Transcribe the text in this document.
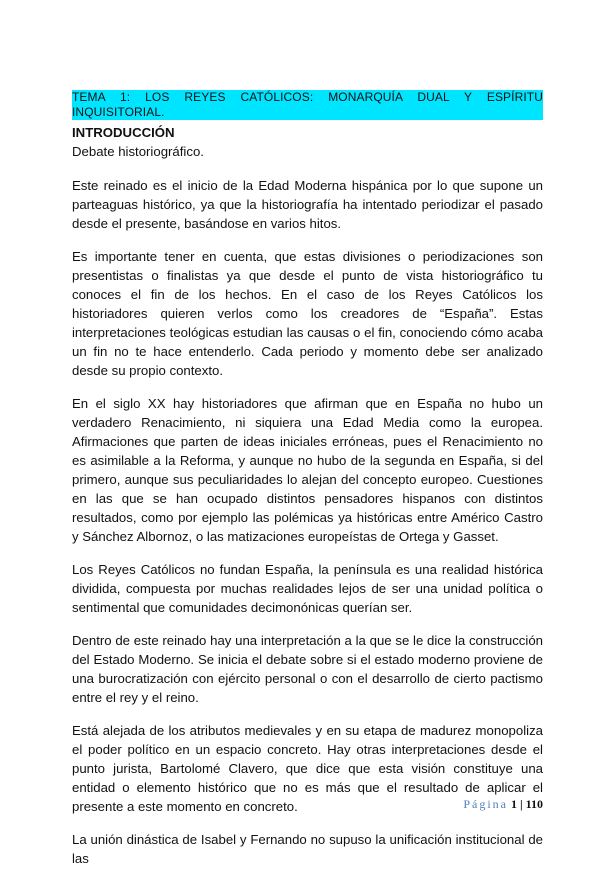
TEMA 1: LOS REYES CATÓLICOS: MONARQUÍA DUAL Y ESPÍRITU INQUISITORIAL.

INTRODUCCIÓN
Debate historiográfico.

Este reinado es el inicio de la Edad Moderna hispánica por lo que supone un parteaguas histórico, ya que la historiografía ha intentado periodizar el pasado desde el presente, basándose en varios hitos.

Es importante tener en cuenta, que estas divisiones o periodizaciones son presentistas o finalistas ya que desde el punto de vista historiográfico tu conoces el fin de los hechos. En el caso de los Reyes Católicos los historiadores quieren verlos como los creadores de “España”. Estas interpretaciones teológicas estudian las causas o el fin, conociendo cómo acaba un fin no te hace entenderlo. Cada periodo y momento debe ser analizado desde su propio contexto.

En el siglo XX hay historiadores que afirman que en España no hubo un verdadero Renacimiento, ni siquiera una Edad Media como la europea. Afirmaciones que parten de ideas iniciales erróneas, pues el Renacimiento no es asimilable a la Reforma, y aunque no hubo de la segunda en España, si del primero, aunque sus peculiaridades lo alejan del concepto europeo. Cuestiones en las que se han ocupado distintos pensadores hispanos con distintos resultados, como por ejemplo las polémicas ya históricas entre Américo Castro y Sánchez Albornoz, o las matizaciones europeístas de Ortega y Gasset.

Los Reyes Católicos no fundan España, la península es una realidad histórica dividida, compuesta por muchas realidades lejos de ser una unidad política o sentimental que comunidades decimonónicas querían ser.

Dentro de este reinado hay una interpretación a la que se le dice la construcción del Estado Moderno. Se inicia el debate sobre si el estado moderno proviene de una burocratización con ejército personal o con el desarrollo de cierto pactismo entre el rey y el reino.

Está alejada de los atributos medievales y en su etapa de madurez monopoliza el poder político en un espacio concreto. Hay otras interpretaciones desde el punto jurista, Bartolomé Clavero, que dice que esta visión constituye una entidad o elemento histórico que no es más que el resultado de aplicar el presente a este momento en concreto.

La unión dinástica de Isabel y Fernando no supuso la unificación institucional de las

Página 1 | 110
